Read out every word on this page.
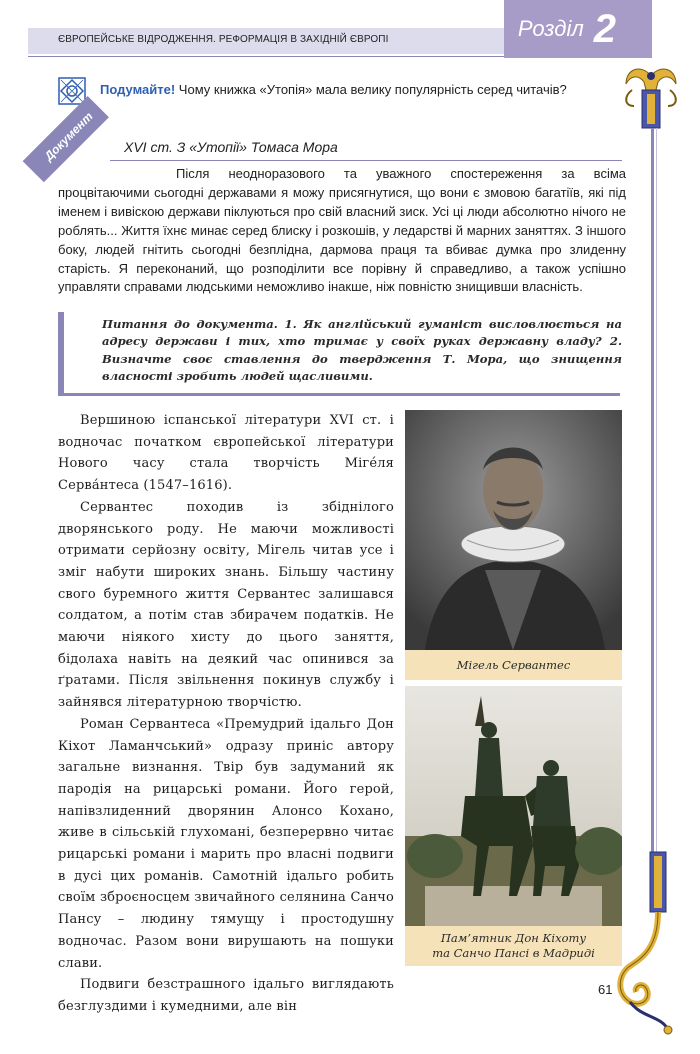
ЄВРОПЕЙСЬКЕ ВІДРОДЖЕННЯ. РЕФОРМАЦІЯ В ЗАХІДНІЙ ЄВРОПІ	Розділ 2
Подумайте! Чому книжка «Утопія» мала велику популярність серед читачів?
Документ	XVI ст. З «Утопії» Томаса Мора
Після неодноразового та уважного спостереження за всіма процвітаючими сьогодні державами я можу присягнутися, що вони є змовою багатіїв, які під іменем і вивіскою держави піклуються про свій власний зиск. Усі ці люди абсолютно нічого не роблять... Життя їхнє минає серед блиску і розкошів, у ледарстві й марних заняттях. З іншого боку, людей гнітить сьогодні безплідна, дармова праця та вбиває думка про злиденну старість. Я переконаний, що розподілити все порівну й справедливо, а також успішно управляти справами людськими неможливо інакше, ніж повністю знищивши власність.
Питання до документа. 1. Як англійський гуманіст висловлюється на адресу держави і тих, хто тримає у своїх руках державну владу? 2. Визначте своє ставлення до твердження Т. Мора, що знищення власності зробить людей щасливими.

Вершиною іспанської літератури XVI ст. і водночас початком європейської літератури Нового часу стала творчість Міге́ля Серва́нтеса (1547–1616).

Сервантес походив із збіднілого дворянського роду. Не маючи можливості отримати серйозну освіту, Мігель читав усе і зміг набути широких знань. Більшу частину свого буремного життя Сервантес залишався солдатом, а потім став збирачем податків. Не маючи ніякого хисту до цього заняття, бідолаха навіть на деякий час опинився за ґратами. Після звільнення покинув службу і зайнявся літературною творчістю.

Роман Сервантеса «Премудрий ідальго Дон Кіхот Ламанчський» одразу приніс автору загальне визнання. Твір був задуманий як пародія на рицарські романи. Його герой, напівзлиденний дворянин Алонсо Кохано, живе в сільській глухомані, безперервно читає рицарські романи і марить про власні подвиги в дусі цих романів. Самотній ідальго робить своїм зброєносцем звичайного селянина Санчо Пансу – людину тямущу і простодушну водночас. Разом вони вирушають на пошуки слави.

Подвиги безстрашного ідальго виглядають безглуздими і кумедними, але він

Мігель Сервантес
Пам’ятник Дон Кіхоту
та Санчо Пансі в Мадриді
61
